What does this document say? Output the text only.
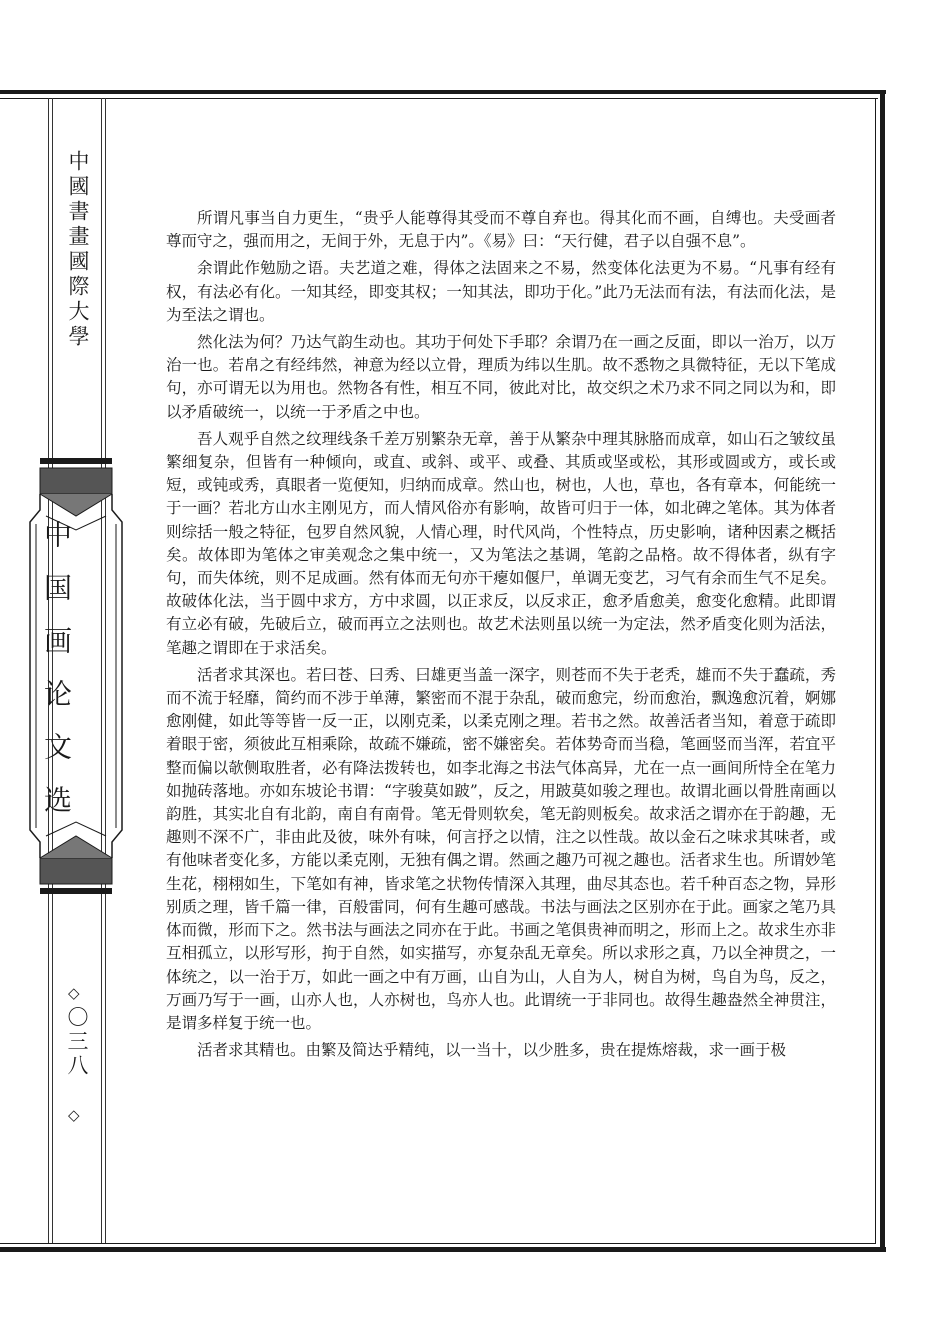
中國書畫國際大學
中国画论文选
◇
〇三八
◇

所谓凡事当自力更生，“贵乎人能尊得其受而不尊自弃也。得其化而不画，自缚也。夫受画者尊而守之，强而用之，无间于外，无息于内”。《易》曰：“天行健，君子以自强不息”。

余谓此作勉励之语。夫艺道之难，得体之法固来之不易，然变体化法更为不易。“凡事有经有权，有法必有化。一知其经，即变其权；一知其法，即功于化。”此乃无法而有法，有法而化法，是为至法之谓也。

然化法为何？乃达气韵生动也。其功于何处下手耶？余谓乃在一画之反面，即以一治万，以万治一也。若帛之有经纬然，神意为经以立骨，理质为纬以生肌。故不悉物之具微特征，无以下笔成句，亦可谓无以为用也。然物各有性，相互不同，彼此对比，故交织之术乃求不同之同以为和，即以矛盾破统一，以统一于矛盾之中也。

吾人观乎自然之纹理线条千差万别繁杂无章，善于从繁杂中理其脉胳而成章，如山石之皱纹虽繁细复杂，但皆有一种倾向，或直、或斜、或平、或叠、其质或坚或松，其形或圆或方，或长或短，或钝或秀，真眼者一览便知，归纳而成章。然山也，树也，人也，草也，各有章本，何能统一于一画？若北方山水主刚见方，而人情风俗亦有影响，故皆可归于一体，如北碑之笔体。其为体者则综括一般之特征，包罗自然风貌，人情心理，时代风尚，个性特点，历史影响，诸种因素之概括矣。故体即为笔体之审美观念之集中统一，又为笔法之基调，笔韵之品格。故不得体者，纵有字句，而失体统，则不足成画。然有体而无句亦干瘪如偃尸，单调无变艺，习气有余而生气不足矣。故破体化法，当于圆中求方，方中求圆，以正求反，以反求正，愈矛盾愈美，愈变化愈精。此即谓有立必有破，先破后立，破而再立之法则也。故艺术法则虽以统一为定法，然矛盾变化则为活法，笔趣之谓即在于求活矣。

活者求其深也。若曰苍、曰秀、曰雄更当盖一深字，则苍而不失于老秃，雄而不失于蠢疏，秀而不流于轻靡，简约而不涉于单薄，繁密而不混于杂乱，破而愈完，纷而愈治，飘逸愈沉着，婀娜愈刚健，如此等等皆一反一正，以刚克柔，以柔克刚之理。若书之然。故善活者当知，着意于疏即着眼于密，须彼此互相乘除，故疏不嫌疏，密不嫌密矣。若体势奇而当稳，笔画竖而当浑，若宜平整而偏以欹侧取胜者，必有降法拨转也，如李北海之书法气体高异，尤在一点一画间所恃全在笔力如抛砖落地。亦如东坡论书谓：“字骏莫如跛”，反之，用跛莫如骏之理也。故谓北画以骨胜南画以韵胜，其实北自有北韵，南自有南骨。笔无骨则软矣，笔无韵则板矣。故求活之谓亦在于韵趣，无趣则不深不广，非由此及彼，味外有味，何言抒之以情，注之以性哉。故以金石之味求其味者，或有他味者变化多，方能以柔克刚，无独有偶之谓。然画之趣乃可视之趣也。活者求生也。所谓妙笔生花，栩栩如生，下笔如有神，皆求笔之状物传情深入其理，曲尽其态也。若千种百态之物，异形别质之理，皆千篇一律，百般雷同，何有生趣可感哉。书法与画法之区别亦在于此。画家之笔乃具体而微，形而下之。然书法与画法之同亦在于此。书画之笔俱贵神而明之，形而上之。故求生亦非互相孤立，以形写形，拘于自然，如实描写，亦复杂乱无章矣。所以求形之真，乃以全神贯之，一体统之，以一治于万，如此一画之中有万画，山自为山，人自为人，树自为树，鸟自为鸟，反之，万画乃写于一画，山亦人也，人亦树也，鸟亦人也。此谓统一于非同也。故得生趣盎然全神贯注，是谓多样复于统一也。

活者求其精也。由繁及简达乎精纯，以一当十，以少胜多，贵在提炼熔裁，求一画于极
